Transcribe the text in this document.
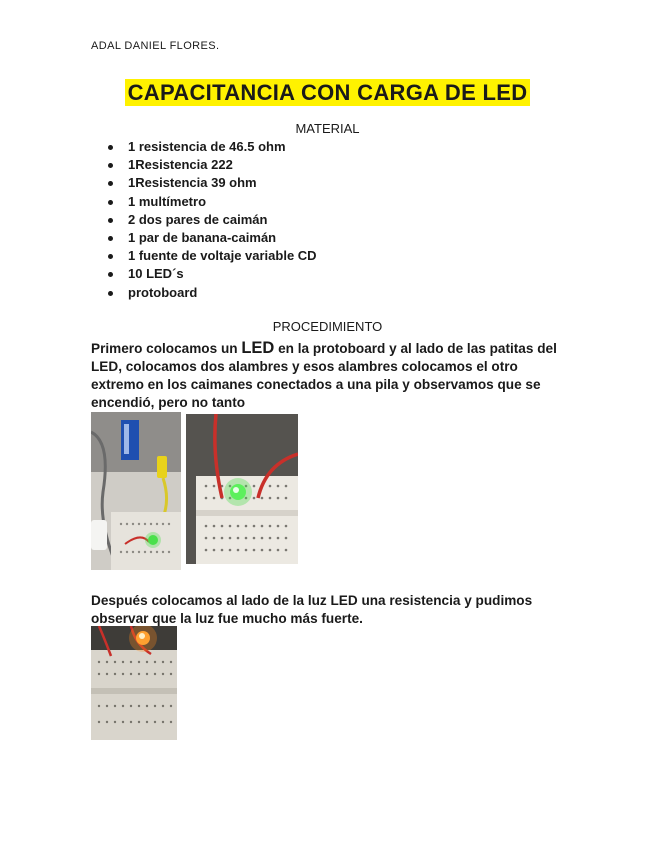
ADAL DANIEL FLORES.
CAPACITANCIA CON CARGA DE LED
MATERIAL
1 resistencia de 46.5 ohm
1Resistencia 222
1Resistencia 39 ohm
1 multímetro
2 dos pares de caimán
1 par de banana-caimán
1 fuente de voltaje variable CD
10 LED´s
protoboard
PROCEDIMIENTO
Primero colocamos un LED en la protoboard y al lado de las patitas del LED, colocamos dos alambres y esos alambres colocamos el otro extremo en los caimanes conectados a una pila y observamos que se encendió, pero no tanto
Después colocamos al lado de la luz LED una resistencia y pudimos observar que la luz fue mucho más fuerte.
